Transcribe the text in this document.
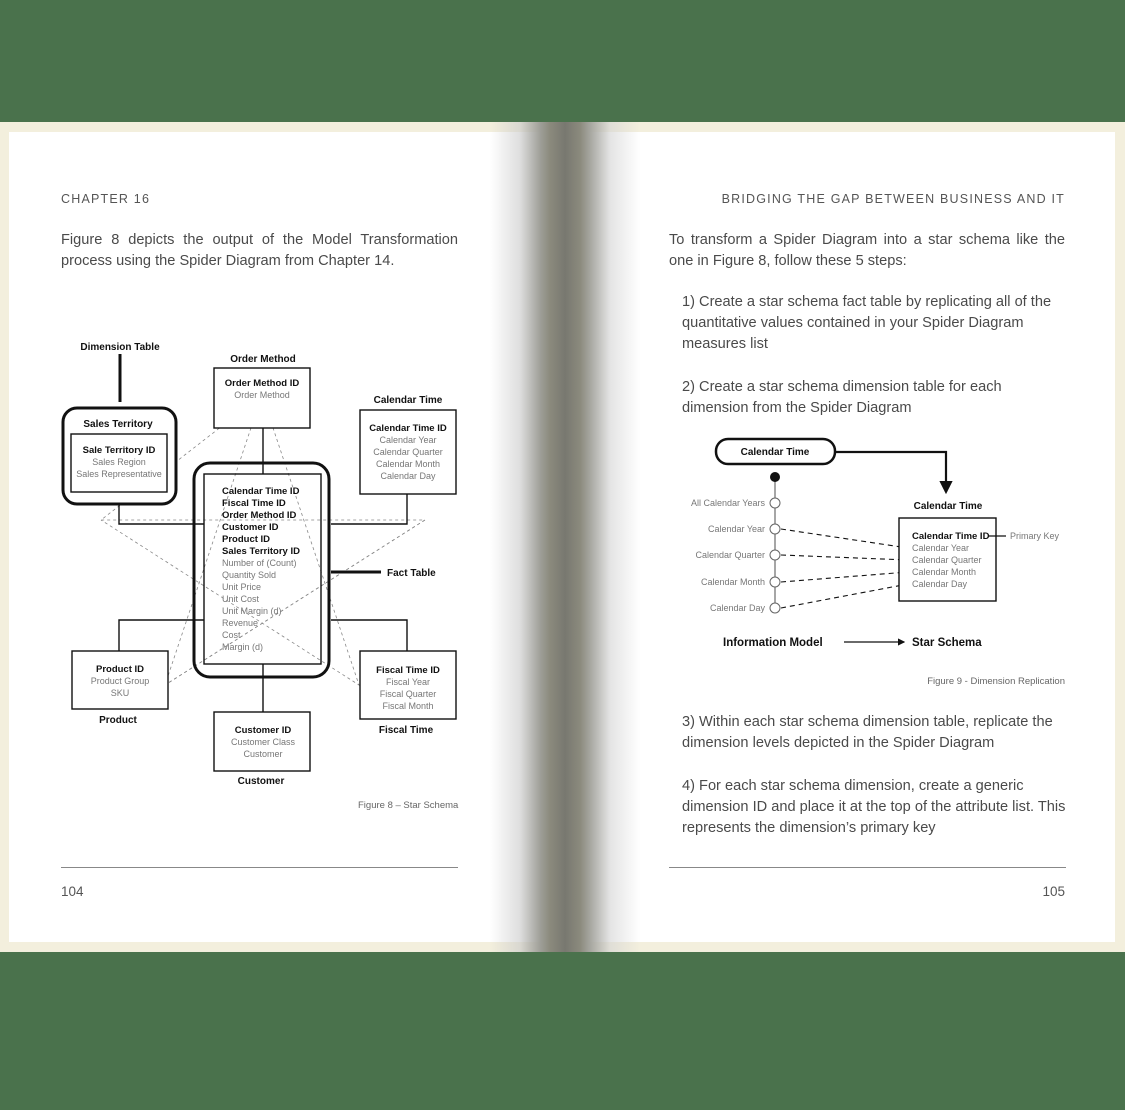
CHAPTER 16
Figure 8 depicts the output of the Model Transformation process using the Spider Diagram from Chapter 14.
Dimension Table
Fact Table
Order Method
Order Method ID
Order Method	Calendar Time
Calendar Time ID
Calendar Year
Calendar Quarter
Calendar Month
Calendar Day
Sales Territory
Sale Territory ID
Sales Region
Sales Representative
Calendar Time ID
Fiscal Time ID
Order Method ID
Customer ID
Product ID
Sales Territory ID
Number of (Count)
Quantity Sold
Unit Price
Unit Cost
Unit Margin (d)
Revenue
Cost
Margin (d)
Product ID
Product Group
SKU
Product
Customer ID
Customer Class
Customer
Customer
Fiscal Time ID
Fiscal Year
Fiscal Quarter
Fiscal Month
Fiscal Time
Figure 8 – Star Schema
104
BRIDGING THE GAP BETWEEN BUSINESS AND IT
To transform a Spider Diagram into a star schema like the one in Figure 8, follow these 5 steps:
1) Create a star schema fact table by replicating all of the quantitative values contained in your Spider Diagram measures list
2) Create a star schema dimension table for each dimension from the Spider Diagram
Calendar Time
All Calendar Years
Calendar Year
Calendar Quarter
Calendar Month
Calendar Day
Calendar Time
Calendar Time ID
Calendar Year
Calendar Quarter
Calendar Month
Calendar Day
Primary Key
Information Model	Star Schema
Figure 9 - Dimension Replication
3) Within each star schema dimension table, replicate the dimension levels depicted in the Spider Diagram
4) For each star schema dimension, create a generic dimension ID and place it at the top of the attribute list. This represents the dimension’s primary key
105
